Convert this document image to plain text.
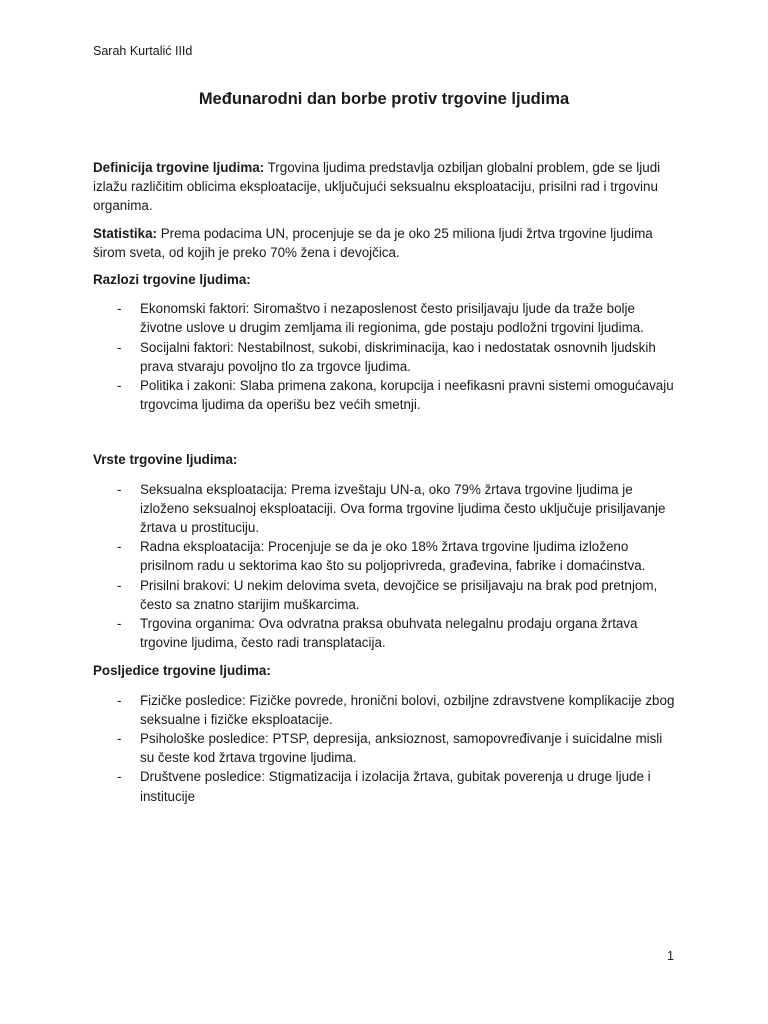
Sarah Kurtalić IIId
Međunarodni dan borbe protiv trgovine ljudima

Definicija trgovine ljudima: Trgovina ljudima predstavlja ozbiljan globalni problem, gde se ljudi izlažu različitim oblicima eksploatacije, uključujući seksualnu eksploataciju, prisilni rad i trgovinu organima.

Statistika: Prema podacima UN, procenjuje se da je oko 25 miliona ljudi žrtva trgovine ljudima širom sveta, od kojih je preko 70% žena i devojčica.

Razlozi trgovine ljudima:
- Ekonomski faktori: Siromaštvo i nezaposlenost često prisiljavaju ljude da traže bolje životne uslove u drugim zemljama ili regionima, gde postaju podložni trgovini ljudima.
- Socijalni faktori: Nestabilnost, sukobi, diskriminacija, kao i nedostatak osnovnih ljudskih prava stvaraju povoljno tlo za trgovce ljudima.
- Politika i zakoni: Slaba primena zakona, korupcija i neefikasni pravni sistemi omogućavaju trgovcima ljudima da operišu bez većih smetnji.
Vrste trgovine ljudima:
- Seksualna eksploatacija: Prema izveštaju UN-a, oko 79% žrtava trgovine ljudima je izloženo seksualnoj eksploataciji. Ova forma trgovine ljudima često uključuje prisiljavanje žrtava u prostituciju.
- Radna eksploatacija: Procenjuje se da je oko 18% žrtava trgovine ljudima izloženo prisilnom radu u sektorima kao što su poljoprivreda, građevina, fabrike i domaćinstva.
- Prisilni brakovi: U nekim delovima sveta, devojčice se prisiljavaju na brak pod pretnjom, često sa znatno starijim muškarcima.
- Trgovina organima: Ova odvratna praksa obuhvata nelegalnu prodaju organa žrtava trgovine ljudima, često radi transplatacija.
Posljedice trgovine ljudima:
- Fizičke posledice: Fizičke povrede, hronični bolovi, ozbiljne zdravstvene komplikacije zbog seksualne i fizičke eksploatacije.
- Psihološke posledice: PTSP, depresija, anksioznost, samopovređivanje i suicidalne misli su česte kod žrtava trgovine ljudima.
- Društvene posledice: Stigmatizacija i izolacija žrtava, gubitak poverenja u druge ljude i institucije
1
